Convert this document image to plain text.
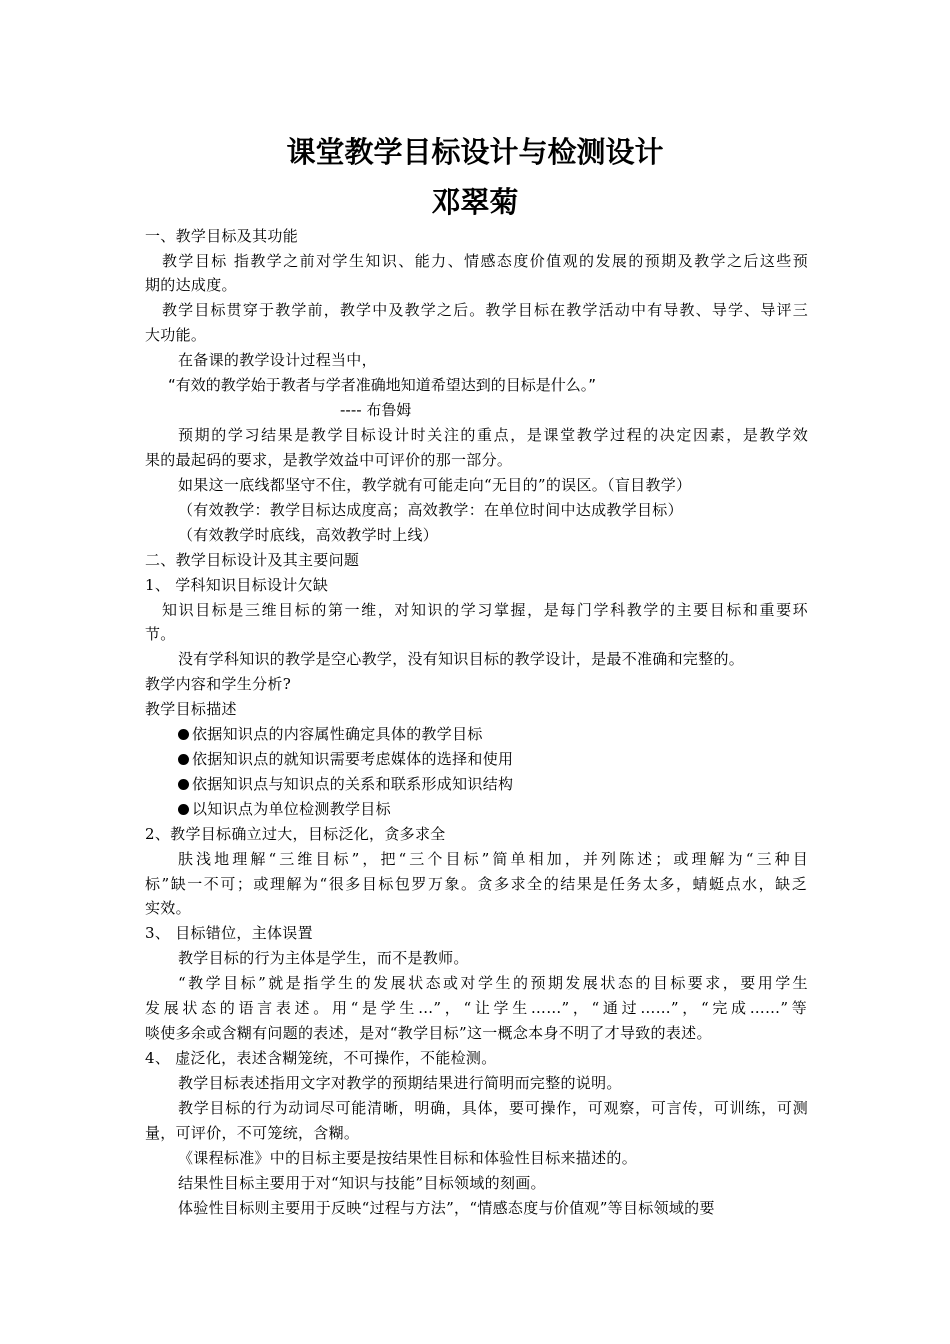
课堂教学目标设计与检测设计
邓翠菊
一、教学目标及其功能
教学目标 指教学之前对学生知识、能力、情感态度价值观的发展的预期及教学之后这些预
期的达成度。
教学目标贯穿于教学前，教学中及教学之后。教学目标在教学活动中有导教、导学、导评三
大功能。
在备课的教学设计过程当中，
“有效的教学始于教者与学者准确地知道希望达到的目标是什么。”
---- 布鲁姆
预期的学习结果是教学目标设计时关注的重点，是课堂教学过程的决定因素，是教学效
果的最起码的要求，是教学效益中可评价的那一部分。
如果这一底线都坚守不住，教学就有可能走向“无目的”的误区。（盲目教学）
（有效教学：教学目标达成度高；高效教学：在单位时间中达成教学目标）
（有效教学时底线，高效教学时上线）
二、教学目标设计及其主要问题
1、 学科知识目标设计欠缺
知识目标是三维目标的第一维，对知识的学习掌握，是每门学科教学的主要目标和重要环
节。
没有学科知识的教学是空心教学，没有知识目标的教学设计，是最不准确和完整的。
教学内容和学生分析?
教学目标描述
依据知识点的内容属性确定具体的教学目标
依据知识点的就知识需要考虑媒体的选择和使用
依据知识点与知识点的关系和联系形成知识结构
以知识点为单位检测教学目标
2、教学目标确立过大，目标泛化，贪多求全
肤浅地理解“三维目标”，把“三个目标”简单相加，并列陈述；或理解为“三种目
标”缺一不可；或理解为“很多目标包罗万象。贪多求全的结果是任务太多，蜻蜓点水，缺乏
实效。
3、 目标错位，主体误置
教学目标的行为主体是学生，而不是教师。
“教学目标”就是指学生的发展状态或对学生的预期发展状态的目标要求，要用学生
发展状态的语言表述。用“是学生…”，“让学生……”，“通过……”，“完成……”等
啖使多余或含糊有问题的表述，是对“教学目标”这一概念本身不明了才导致的表述。
4、 虚泛化，表述含糊笼统，不可操作，不能检测。
教学目标表述指用文字对教学的预期结果进行简明而完整的说明。
教学目标的行为动词尽可能清晰，明确，具体，要可操作，可观察，可言传，可训练，可测
量，可评价，不可笼统，含糊。
《课程标准》中的目标主要是按结果性目标和体验性目标来描述的。
结果性目标主要用于对“知识与技能”目标领域的刻画。
体验性目标则主要用于反映“过程与方法”，“情感态度与价值观”等目标领域的要
